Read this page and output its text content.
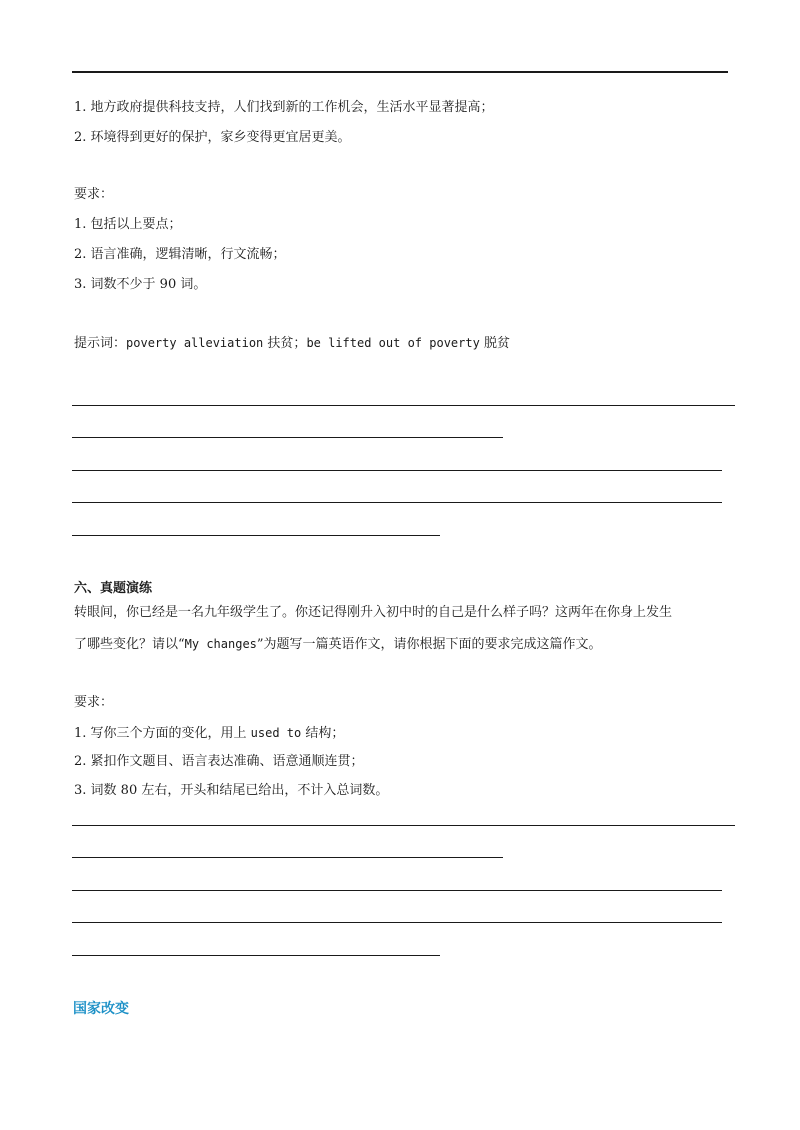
1. 地方政府提供科技支持，人们找到新的工作机会，生活水平显著提高；
2. 环境得到更好的保护，家乡变得更宜居更美。
要求：
1. 包括以上要点；
2. 语言准确，逻辑清晰，行文流畅；
3. 词数不少于 90 词。
提示词：poverty alleviation 扶贫；be lifted out of poverty 脱贫
六、真题演练
转眼间，你已经是一名九年级学生了。你还记得刚升入初中时的自己是什么样子吗？这两年在你身上发生
了哪些变化？请以“My changes”为题写一篇英语作文，请你根据下面的要求完成这篇作文。
要求：
1. 写你三个方面的变化，用上 used to 结构；
2. 紧扣作文题目、语言表达准确、语意通顺连贯；
3. 词数 80 左右，开头和结尾已给出，不计入总词数。
国家改变
